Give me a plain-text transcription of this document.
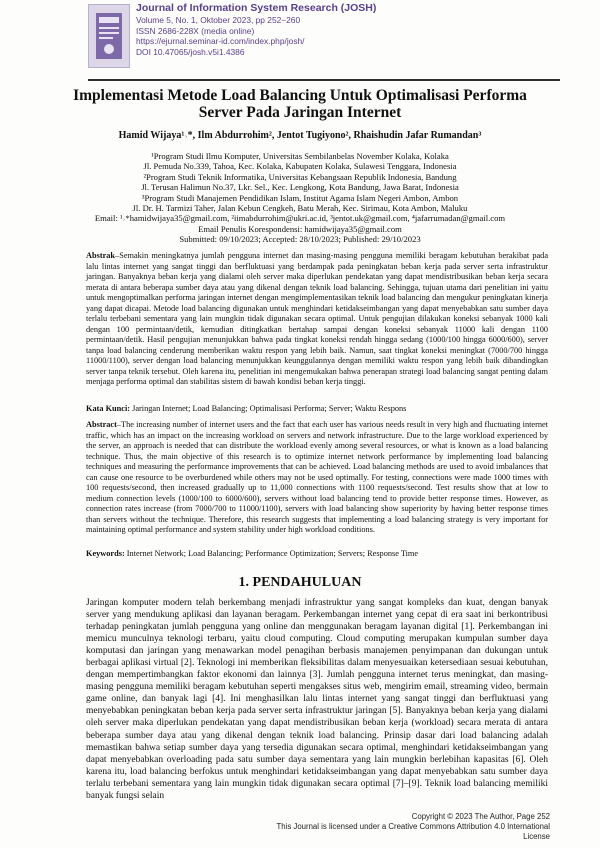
Journal of Information System Research (JOSH)
Volume 5, No. 1, Oktober 2023, pp 252−260
ISSN 2686-228X (media online)
https://ejurnal.seminar-id.com/index.php/josh/
DOI 10.47065/josh.v5i1.4386
Implementasi Metode Load Balancing Untuk Optimalisasi Performa
Server Pada Jaringan Internet
Hamid Wijaya¹˒*, Ilm Abdurrohim², Jentot Tugiyono², Rhaishudin Jafar Rumandan³
¹Program Studi Ilmu Komputer, Universitas Sembilanbelas November Kolaka, Kolaka
Jl. Pemuda No.339, Tahoa, Kec. Kolaka, Kabupaten Kolaka, Sulawesi Tenggara, Indonesia
²Program Studi Teknik Informatika, Universitas Kebangsaan Republik Indonesia, Bandung
Jl. Terusan Halimun No.37, Lkr. Sel., Kec. Lengkong, Kota Bandung, Jawa Barat, Indonesia
³Program Studi Manajemen Pendidikan Islam, Institut Agama Islam Negeri Ambon, Ambon
Jl. Dr. H. Tarmizi Taher, Jalan Kebun Cengkeh, Batu Merah, Kec. Sirimau, Kota Ambon, Maluku
Email: ¹˒*hamidwijaya35@gmail.com, ²iimabdurrohim@ukri.ac.id, ³jentot.uk@gmail.com, ⁴jafarrumadan@gmail.com
Email Penulis Korespondensi: hamidwijaya35@gmail.com
Submitted: 09/10/2023; Accepted: 28/10/2023; Published: 29/10/2023
Abstrak–Semakin meningkatnya jumlah pengguna internet dan masing-masing pengguna memiliki beragam kebutuhan berakibat pada lalu lintas internet yang sangat tinggi dan berfluktuasi yang berdampak pada peningkatan beban kerja pada server serta infrastruktur jaringan. Banyaknya beban kerja yang dialami oleh server maka diperlukan pendekatan yang dapat mendistribusikan beban kerja secara merata di antara beberapa sumber daya atau yang dikenal dengan teknik load balancing. Sehingga, tujuan utama dari penelitian ini yaitu untuk mengoptimalkan performa jaringan internet dengan mengimplementasikan teknik load balancing dan mengukur peningkatan kinerja yang dapat dicapai. Metode load balancing digunakan untuk menghindari ketidakseimbangan yang dapat menyebabkan satu sumber daya terlalu terbebani sementara yang lain mungkin tidak digunakan secara optimal. Untuk pengujian dilakukan koneksi sebanyak 1000 kali dengan 100 permintaan/detik, kemudian ditingkatkan bertahap sampai dengan koneksi sebanyak 11000 kali dengan 1100 permintaan/detik. Hasil pengujian menunjukkan bahwa pada tingkat koneksi rendah hingga sedang (1000/100 hingga 6000/600), server tanpa load balancing cenderung memberikan waktu respon yang lebih baik. Namun, saat tingkat koneksi meningkat (7000/700 hingga 11000/1100), server dengan load balancing menunjukkan keunggulannya dengan memiliki waktu respon yang lebih baik dibandingkan server tanpa teknik tersebut. Oleh karena itu, penelitian ini mengemukakan bahwa penerapan strategi load balancing sangat penting dalam menjaga performa optimal dan stabilitas sistem di bawah kondisi beban kerja tinggi.
Kata Kunci: Jaringan Internet; Load Balancing; Optimalisasi Performa; Server; Waktu Respons
Abstract–The increasing number of internet users and the fact that each user has various needs result in very high and fluctuating internet traffic, which has an impact on the increasing workload on servers and network infrastructure. Due to the large workload experienced by the server, an approach is needed that can distribute the workload evenly among several resources, or what is known as a load balancing technique. Thus, the main objective of this research is to optimize internet network performance by implementing load balancing techniques and measuring the performance improvements that can be achieved. Load balancing methods are used to avoid imbalances that can cause one resource to be overburdened while others may not be used optimally. For testing, connections were made 1000 times with 100 requests/second, then increased gradually up to 11,000 connections with 1100 requests/second. Test results show that at low to medium connection levels (1000/100 to 6000/600), servers without load balancing tend to provide better response times. However, as connection rates increase (from 7000/700 to 11000/1100), servers with load balancing show superiority by having better response times than servers without the technique. Therefore, this research suggests that implementing a load balancing strategy is very important for maintaining optimal performance and system stability under high workload conditions.
Keywords: Internet Network; Load Balancing; Performance Optimization; Servers; Response Time
1. PENDAHULUAN
Jaringan komputer modern telah berkembang menjadi infrastruktur yang sangat kompleks dan kuat, dengan banyak server yang mendukung aplikasi dan layanan beragam. Perkembangan internet yang cepat di era saat ini berkontribusi terhadap peningkatan jumlah pengguna yang online dan menggunakan beragam layanan digital [1]. Perkembangan ini memicu munculnya teknologi terbaru, yaitu cloud computing. Cloud computing merupakan kumpulan sumber daya komputasi dan jaringan yang menawarkan model penagihan berbasis manajemen penyimpanan dan dukungan untuk berbagai aplikasi virtual [2]. Teknologi ini memberikan fleksibilitas dalam menyesuaikan ketersediaan sesuai kebutuhan, dengan mempertimbangkan faktor ekonomi dan lainnya [3]. Jumlah pengguna internet terus meningkat, dan masing-masing pengguna memiliki beragam kebutuhan seperti mengakses situs web, mengirim email, streaming video, bermain game online, dan banyak lagi [4]. Ini menghasilkan lalu lintas internet yang sangat tinggi dan berfluktuasi yang menyebabkan peningkatan beban kerja pada server serta infrastruktur jaringan [5]. Banyaknya beban kerja yang dialami oleh server maka diperlukan pendekatan yang dapat mendistribusikan beban kerja (workload) secara merata di antara beberapa sumber daya atau yang dikenal dengan teknik load balancing. Prinsip dasar dari load balancing adalah memastikan bahwa setiap sumber daya yang tersedia digunakan secara optimal, menghindari ketidakseimbangan yang dapat menyebabkan overloading pada satu sumber daya sementara yang lain mungkin berlebihan kapasitas [6]. Oleh karena itu, load balancing berfokus untuk menghindari ketidakseimbangan yang dapat menyebabkan satu sumber daya terlalu terbebani sementara yang lain mungkin tidak digunakan secara optimal [7]–[9]. Teknik load balancing memiliki banyak fungsi selain
Copyright © 2023 The Author, Page 252
This Journal is licensed under a Creative Commons Attribution 4.0 International License
